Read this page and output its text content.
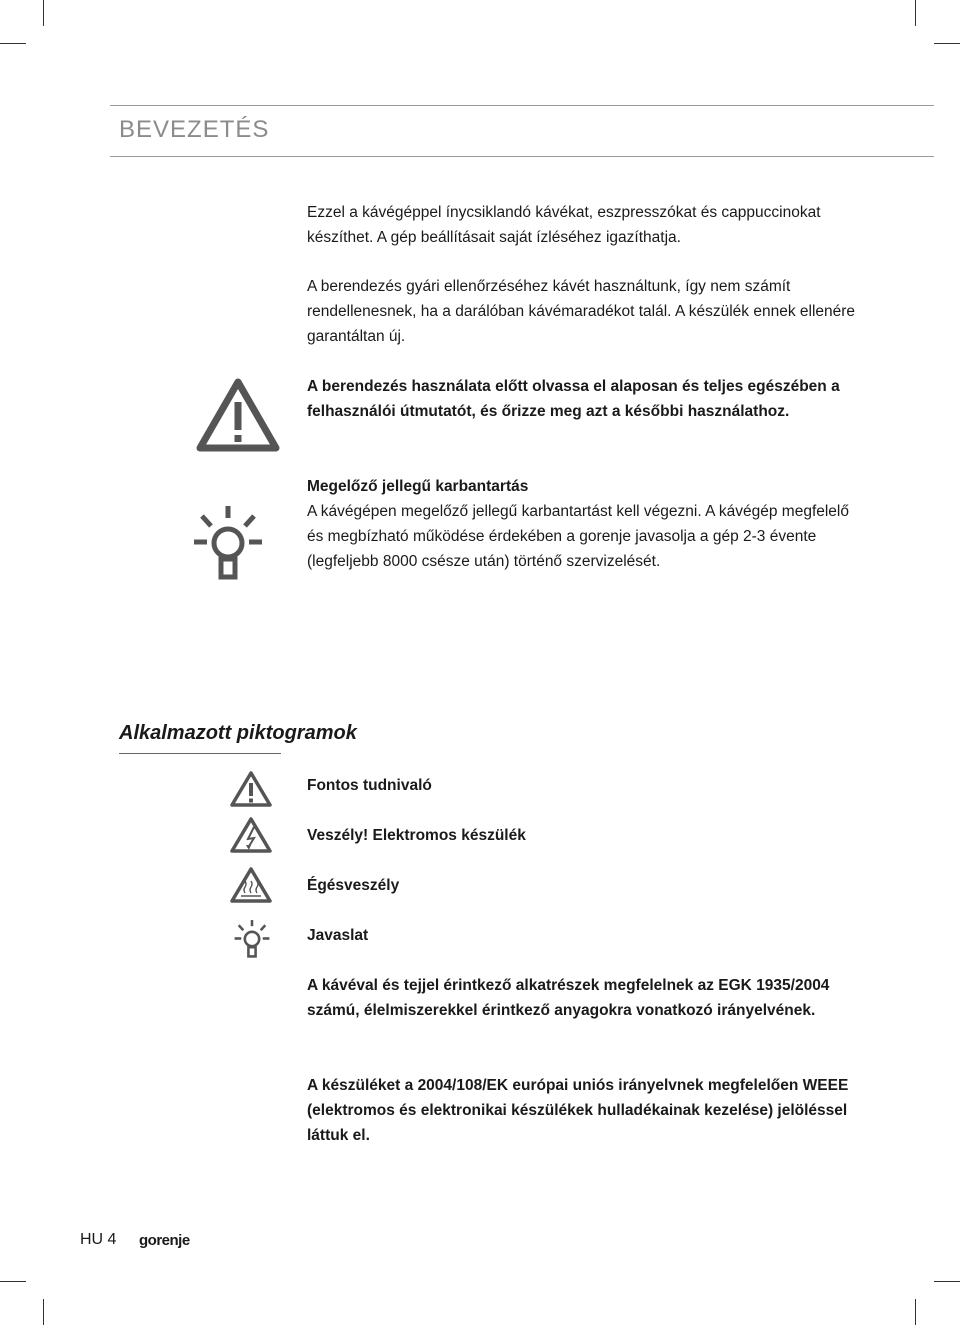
BEVEZETÉS

Ezzel a kávégéppel ínycsiklandó kávékat, eszpresszókat és cappuccinokat készíthet. A gép beállításait saját ízléséhez igazíthatja.

A berendezés gyári ellenőrzéséhez kávét használtunk, így nem számít rendellenesnek, ha a darálóban kávémaradékot talál. A készülék ennek ellenére garantáltan új.

A berendezés használata előtt olvassa el alaposan és teljes egészében a felhasználói útmutatót, és őrizze meg azt a későbbi használathoz.

Megelőző jellegű karbantartás

A kávégépen megelőző jellegű karbantartást kell végezni. A kávégép megfelelő és megbízható működése érdekében a gorenje javasolja a gép 2-3 évente (legfeljebb 8000 csésze után) történő szervizelését.

Alkalmazott piktogramok
Fontos tudnivaló
Veszély! Elektromos készülék
Égésveszély
Javaslat

A kávéval és tejjel érintkező alkatrészek megfelelnek az EGK 1935/2004 számú, élelmiszerekkel érintkező anyagokra vonatkozó irányelvének.

A készüléket a 2004/108/EK európai uniós irányelvnek megfelelően WEEE (elektromos és elektronikai készülékek hulladékainak kezelése) jelöléssel láttuk el.

HU 4 gorenje
